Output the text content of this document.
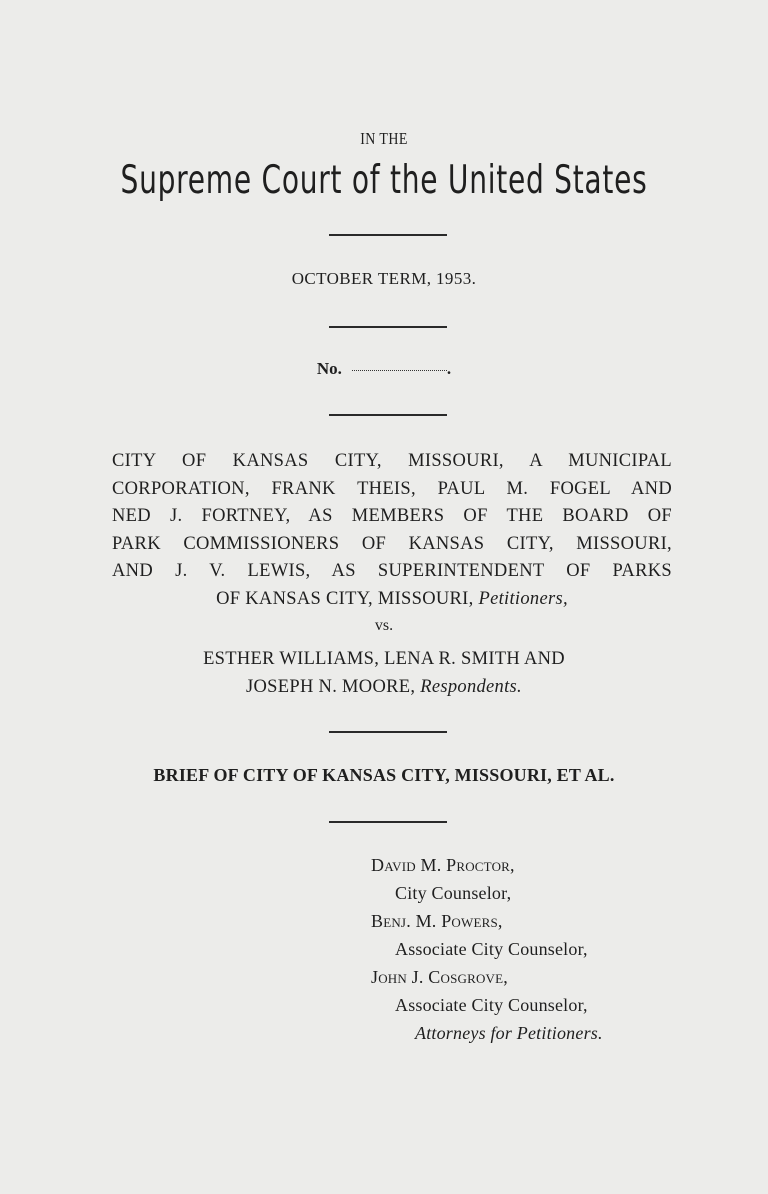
IN THE
Supreme Court of the United States
OCTOBER TERM, 1953.
No.	.
CITY OF KANSAS CITY, MISSOURI, A MUNICIPAL
CORPORATION, FRANK THEIS, PAUL M. FOGEL AND
NED J. FORTNEY, AS MEMBERS OF THE BOARD OF
PARK COMMISSIONERS OF KANSAS CITY, MISSOURI,
AND J. V. LEWIS, AS SUPERINTENDENT OF PARKS
OF KANSAS CITY, MISSOURI, Petitioners,
vs.
ESTHER WILLIAMS, LENA R. SMITH AND
JOSEPH N. MOORE, Respondents.
BRIEF OF CITY OF KANSAS CITY, MISSOURI, ET AL.
David M. Proctor,
City Counselor,
Benj. M. Powers,
Associate City Counselor,
John J. Cosgrove,
Associate City Counselor,
Attorneys for Petitioners.
